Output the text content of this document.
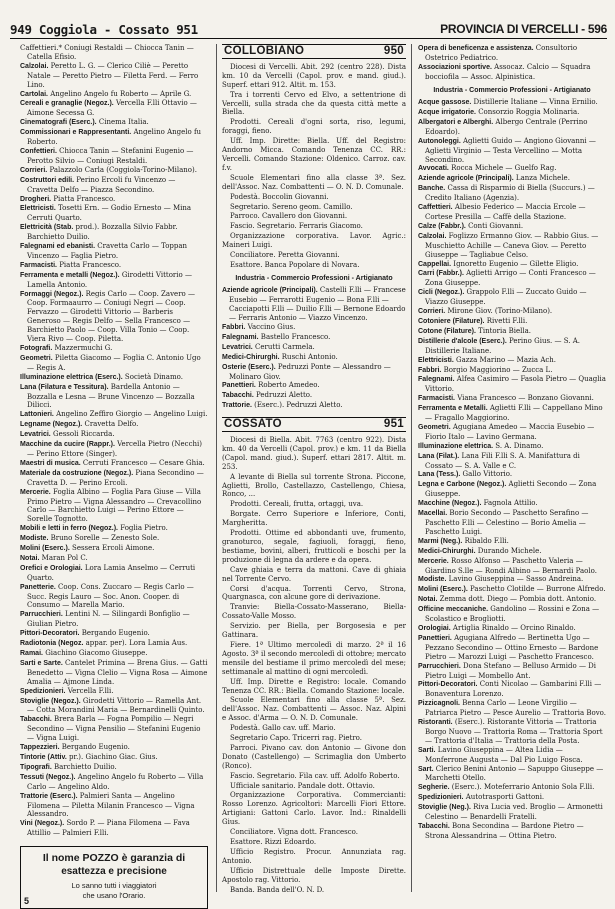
949 Coggiola - Cossato 951	PROVINCIA DI VERCELLI - 596

Caffettieri.* Coniugi Restaldi — Chiocca Tanin — Catella Efisio.

Calzolai. Peretto L. G. — Clerico Ciliè — Peretto Natale — Peretto Pietro — Filetta Ferd. — Ferro Lino.

Cartolai. Angelino Angelo fu Roberto — Aprile G.

Cereali e granaglie (Negoz.). Vercella F.lli Ottavio — Aimone Secessa G.

Cinematografi (Eserc.). Cinema Italia.

Commissionari e Rappresentanti. Angelino Angelo fu Roberto.

Confettieri. Chiocca Tanin — Stefanini Eugenio — Perotto Silvio — Coniugi Restaldi.

Corrieri. Palazzolo Carla (Coggiola-Torino-Milano).

Costruttori edili. Perino Ercoli fu Vincenzo — Cravetta Delfo — Piazza Secondino.

Drogheri. Piatta Francesco.

Elettricisti. Tosetti Ern. — Godio Ernesto — Mina Cerruti Quarto.

Elettricità (Stab. prod.). Bozzalla Silvio Fabbr. Barchietto Duilio.

Falegnami ed ebanisti. Cravetta Carlo — Toppan Vincenzo — Faglia Pietro.

Farmacisti. Piatta Francesco.

Ferramenta e metalli (Negoz.). Girodetti Vittorio — Lamella Antonio.

Formaggi (Negoz.). Regis Carlo — Coop. Zavero — Coop. Formaaurro — Coniugi Negri — Coop. Fervazzo — Girodetti Vittorio — Barberis Generoso — Regis Delfo — Sella Francesco — Barchietto Paolo — Coop. Villa Tonio — Coop. Viera Rivo — Coop. Piletta.

Fotografi. Mazzermuchi G.

Geometri. Piletta Giacomo — Foglia C. Antonio Ugo — Regis A.

Illuminazione elettrica (Eserc.). Società Dinamo.

Lana (Filatura e Tessitura). Bardella Antonio — Bozzalla e Lesna — Brune Vincenzo — Bozzalla Dilicci.

Lattonieri. Angelino Zeffiro Giorgio — Angelino Luigi.

Legname (Negoz.). Cravetta Delfo.

Levatrici. Gessoli Riccarda.

Macchine da cucire (Rappr.). Vercella Pietro (Necchi) — Perino Ettore (Singer).

Maestri di musica. Cerruti Francesco — Cesare Ghia.

Materiale da costruzione (Negoz.). Piana Secondino — Cravetta D. — Perino Ercoli.

Mercerie. Foglia Albino — Foglia Para Giuse — Villa Primo Pietro — Vigna Alessandro — Crevacollino Carlo — Barchietto Luigi — Perino Ettore — Sorelle Tognotto.

Mobili e letti in ferro (Negoz.). Foglia Pietro.

Modiste. Bruno Sorelle — Zenesto Sole.

Molini (Eserc.). Sessera Ercoli Aimone.

Notai. Maran Pol C.

Orefici e Orologiai. Lora Lamia Anselmo — Cerruti Quarto.

Panetterie. Coop. Cons. Zuccaro — Regis Carlo — Succ. Regis Lauro — Soc. Anon. Cooper. di Consumo — Marella Mario.

Parrucchieri. Lentini N. — Silingardi Bonfiglio — Giulian Pietro.

Pittori-Decoratori. Bergando Eugenio.

Radiotonia (Negoz. appar. per). Lora Lamia Aus.

Ramai. Giachino Giacomo Giuseppe.

Sarti e Sarte. Cantelet Primina — Brena Gius. — Gatti Benedetto — Vigna Clelio — Vigna Rosa — Aimone Amalia — Ajmone Linda.

Spedizionieri. Vercella F.lli.

Stoviglie (Negoz.). Girodetti Vittorio — Ramella Ant. — Cotta Morandini Maria — Bernardinelli Quinto.

Tabacchi. Brera Barla — Fogna Pompilio — Negri Secondino — Vigna Pensilio — Stefanini Eugenio — Vigna Luigi.

Tappezzieri. Bergando Eugenio.

Tintorie (Attiv. pr.). Giachino Giac. Gius.

Tipografi. Barchietto Duilio.

Tessuti (Negoz.). Angelino Angelo fu Roberto — Villa Carlo — Angelino Aldo.

Trattorie (Eserc.). Palmieri Santa — Angelino Filomena — Piletta Milanin Francesco — Vigna Alessandro.

Vini (Negoz.). Sordo P. — Piana Filomena — Fava Attillio — Palmieri F.lli.

Il nome POZZO è garanzia di
esattezza e precisione
Lo sanno tutti i viaggiatori
che usano l'Orario.
5
COLLOBIANO	950

Diocesi di Vercelli. Abit. 292 (centro 228). Dista km. 10 da Vercelli (Capol. prov. e mand. giud.). Superf. ettari 912. Altit. m. 153.

Tra i torrenti Cervo ed Elvo, a settentrione di Vercelli, sulla strada che da questa città mette a Biella.

Prodotti. Cereali d'ogni sorta, riso, legumi, foraggi, fieno.

Uff. Imp. Dirette: Biella. Uff. del Registro: Andorno Micca. Comando Tenenza CC. RR.: Vercelli. Comando Stazione: Oldenico. Carroz. cav. f.v.

Scuole Elementari fino alla classe 3ª. Sez. dell'Assoc. Naz. Combattenti — O. N. D. Comunale.

Podestà. Boccolin Giovanni.

Segretario. Sereno geom. Camillo.

Parroco. Cavallero don Giovanni.

Fascio. Segretario. Ferraris Giacomo.

Organizzazione corporativa. Lavor. Agric.: Maineri Luigi.

Conciliatore. Peretta Giovanni.

Esattore. Banca Popolare di Novara.

Industria - Commercio Professioni - Artigianato

Aziende agricole (Principali). Castelli F.lli — Francese Eusebio — Ferrarotti Eugenio — Bona F.lli — Cacciapotti F.lli — Duilio F.lli — Bernone Edoardo — Ferraris Antonio — Viazzo Vincenzo.

Fabbri. Vaccino Gius.

Falegnami. Bastello Francesco.

Levatrici. Cerutti Carmela.

Medici-Chirurghi. Ruschi Antonio.

Osterie (Eserc.). Pedruzzi Ponte — Alessandro — Molinaro Giov.

Panettieri. Roberto Amedeo.

Tabacchi. Pedruzzi Aletto.

Trattorie. (Eserc.). Pedruzzi Aletto.

COSSATO	951

Diocesi di Biella. Abit. 7763 (centro 922). Dista km. 40 da Vercelli (Capol. prov.) e km. 11 da Biella (Capol. mand. giud.). Superf. ettari 2817. Altit. m. 253.

A levante di Biella sul torrente Strona. Piccone, Aglietti, Brollo, Castellazzo, Castellengo, Chiesa, Ronco, ...

Prodotti. Cereali, frutta, ortaggi, uva.

Borgate. Cerro Superiore e Inferiore, Conti, Margheritta.

Prodotti. Ottime ed abbondanti uve, frumento, granoturco, segale, fagiuoli, foraggi, fieno, bestiame, bovini, alberi, frutticoli e boschi per la produzione di legna da ardere e da opera.

Cave ghiaia e terra da mattoni. Cave di ghiaia nel Torrente Cervo.

Corsi d'acqua. Torrenti Cervo, Strona, Quargnasca, con alcune gore di derivazione.

Tranvie: Biella-Cossato-Masserano, Biella-Cossato-Valle Mosso.

Servizio. per Biella, per Borgosesia e per Gattinara.

Fiere. 1ª Ultimo mercoledì di marzo. 2ª il 16 Agosto. 3ª il secondo mercoledì di ottobre; mercato mensile del bestiame il primo mercoledì del mese; settimanale al mattino di ogni mercoledì.

Uff. Imp. Dirette e Registro: locale. Comando Tenenza CC. RR.: Biella. Comando Stazione: locale.

Scuole Elementari fino alla classe 5ª. Sez. dell'Assoc. Naz. Combattenti — Assoc. Naz. Alpini e Assoc. d'Arma — O. N. D. Comunale.

Podestà. Gallo cav. uff. Mario.

Segretario Capo. Tricerri rag. Pietro.

Parroci. Pivano cav. don Antonio — Givone don Donato (Castellengo) — Scrimaglia don Umberto (Ronco).

Fascio. Segretario. Fila cav. uff. Adolfo Roberto.

Ufficiale sanitario. Pandale dott. Ottavio.

Organizzazione Corporativa. Commercianti: Rosso Lorenzo. Agricoltori: Marcelli Fiori Ettore. Artigiani: Gattoni Carlo. Lavor. Ind.: Rinaldelli Gius.

Conciliatore. Vigna dott. Francesco.

Esattore. Rizzi Edoardo.

Ufficio Registro. Procur. Annunziata rag. Antonio.

Ufficio Distrettuale delle Imposte Dirette. Apostolo rag. Vittorio.

Banda. Banda dell'O. N. D.

Opera di beneficenza e assistenza. Consultorio Ostetrico Pediatrico.

Associazioni sportive. Assocaz. Calcio — Squadra bocciofila — Assoc. Alpinistica.

Industria - Commercio Professioni - Artigianato

Acque gassose. Distillerie Italiane — Vinna Ernilio.

Acque irrigatorie. Consorzio Roggia Molinaria.

Albergatori e Alberghi. Albergo Centrale (Perrino Edoardo).

Autonoleggi. Aglietti Guido — Angiono Giovanni — Aglietti Virginio — Testa Vercellino — Motta Secondino.

Avvocati. Rocca Michele — Guelfo Rag.

Aziende agricole (Principali). Lanza Michele.

Banche. Cassa di Risparmio di Biella (Succurs.) — Credito Italiano (Agenzia).

Caffettieri. Albesio Federico — Maccia Ercole — Cortese Presilla — Caffè della Stazione.

Calze (Fabbr.). Conti Giovanni.

Calzolai. Foglizzo Ermanno Giov. — Rabbio Gius. — Muschietto Achille — Caneva Giov. — Peretto Giuseppe — Tagliabue Celso.

Cappellai. Ignoretto Eugenio — Gilette Eligio.

Carri (Fabbr.). Aglietti Arrigo — Conti Francesco — Zona Giuseppe.

Cicli (Negoz.). Grappolo F.lli — Zuccato Guido — Viazzo Giuseppe.

Corrieri. Mirone Giov. (Torino-Milano).

Cotoniere (Filature). Rivetti F.lli.

Cotone (Filature). Tintoria Biella.

Distillerie d'alcole (Eserc.). Perino Gius. — S. A. Distillerie Italiane.

Elettricisti. Gazza Marino — Mazia Ach.

Fabbri. Borgio Maggiorino — Zucca L.

Falegnami. Alfea Casimiro — Fasola Pietro — Quaglia Vittorio.

Farmacisti. Viana Francesco — Bonzano Giovanni.

Ferramenta e Metalli. Aglietti F.lli — Cappellano Mino — Fragallo Maggiorino.

Geometri. Agugiana Amedeo — Maccia Eusebio — Fiorio Italo — Lavino Germana.

Illuminazione elettrica. S. A. Dinamo.

Lana (Filat.). Lana Fili F.lli S. A. Manifattura di Cossato — S. A. Valle e C.

Lana (Tess.). Gallo Vittorio.

Legna e Carbone (Negoz.). Aglietti Secondo — Zona Giuseppe.

Macchine (Negoz.). Fagnola Attilio.

Macellai. Borio Secondo — Paschetto Serafino — Paschetto F.lli — Celestino — Borio Amelia — Paschetto Luigi.

Marmi (Neg.). Ribaldo F.lli.

Medici-Chirurghi. Durando Michele.

Mercerie. Rosso Alfonso — Paschetto Valeria — Giardino S.lle — Rondi Albino — Bernardi Paolo.

Modiste. Lavino Giuseppina — Sasso Andreina.

Molini (Eserc.). Paschetto Clotilde — Burrone Alfredo.

Notai. Zemma dott. Diego — Pombia dott. Antonio.

Officine meccaniche. Gandolino — Rossini e Zona — Scolastico e Brogliotti.

Orologiai. Artiglia Rinaldo — Orcino Rinaldo.

Panettieri. Agugiana Alfredo — Bertinetta Ugo — Pezzano Secondino — Ottino Ernesto — Bardone Pietro — Marozzi Luigi — Paschetto Francesco.

Parrucchieri. Dona Stefano — Belluso Armido — Di Pietro Luigi — Mombello Ant.

Pittori-Decoratori. Conti Nicolao — Gambarini F.lli — Bonaventura Lorenzo.

Pizzicagnoli. Benna Carlo — Leone Virgilio — Patriarca Pietro — Pesce Aurelio — Trattoria Bovo.

Ristoranti. (Eserc.). Ristorante Vittoria — Trattoria Borgo Nuovo — Trattoria Roma — Trattoria Sport — Trattoria d'Italia — Trattoria della Posta.

Sarti. Lavino Giuseppina — Altea Lidia — Monferrone Augusta — Dal Pio Luigo Fosca.

Sart. Clerico Benini Antonio — Sapuppo Giuseppe — Marchetti Otello.

Segherie. (Eserc.). Moteferrario Antonio Sola F.lli.

Spedizionieri. Autotrasporti Gattoni.

Stoviglie (Neg.). Riva Lucia ved. Broglio — Armonetti Celestino — Benardelli Fratelli.

Tabacchi. Bona Secondina — Bardone Pietro — Strona Alessandrina — Ottina Pietro.
